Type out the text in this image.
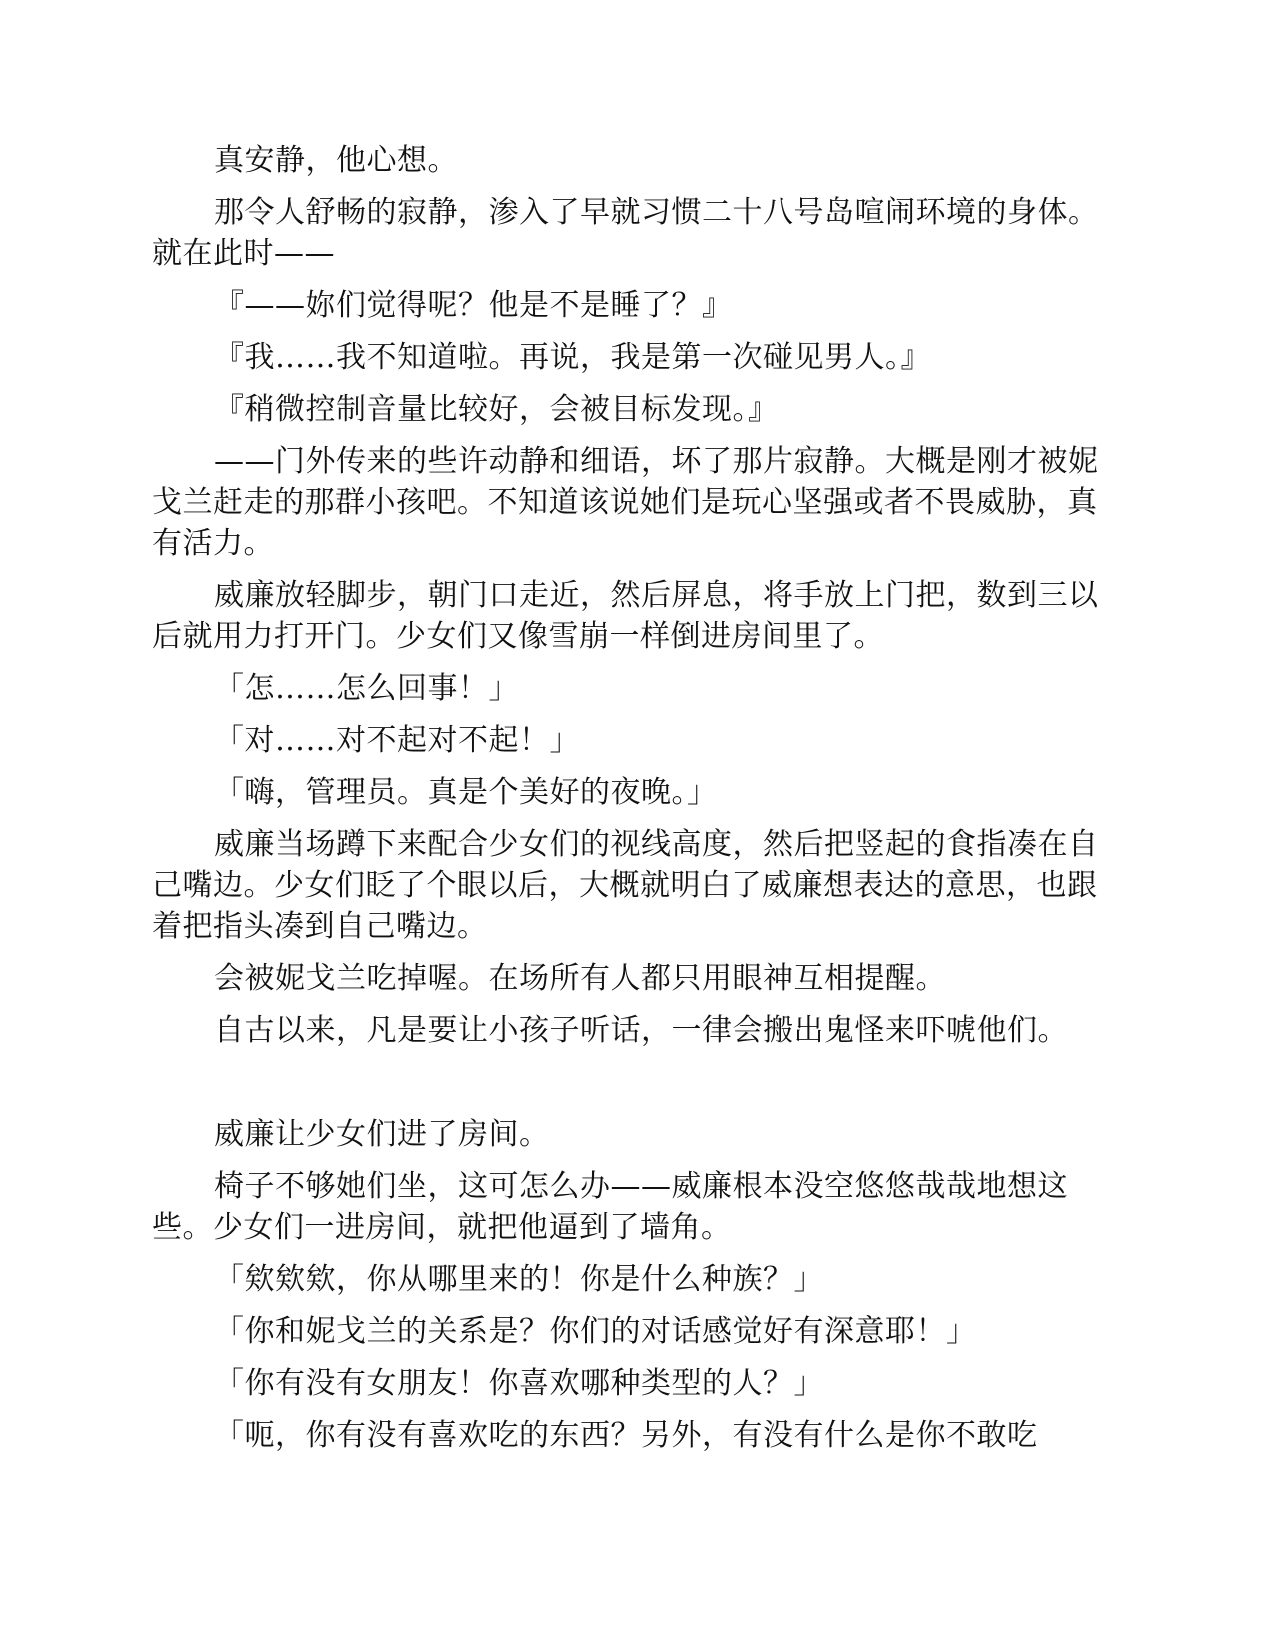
真安静，他心想。

那令人舒畅的寂静，渗入了早就习惯二十八号岛喧闹环境的身体。就在此时——

『——妳们觉得呢？他是不是睡了？』

『我……我不知道啦。再说，我是第一次碰见男人。』

『稍微控制音量比较好，会被目标发现。』

——门外传来的些许动静和细语，坏了那片寂静。大概是刚才被妮戈兰赶走的那群小孩吧。不知道该说她们是玩心坚强或者不畏威胁，真有活力。

威廉放轻脚步，朝门口走近，然后屏息，将手放上门把，数到三以后就用力打开门。少女们又像雪崩一样倒进房间里了。

「怎……怎么回事！」

「对……对不起对不起！」

「嗨，管理员。真是个美好的夜晚。」

威廉当场蹲下来配合少女们的视线高度，然后把竖起的食指凑在自己嘴边。少女们眨了个眼以后，大概就明白了威廉想表达的意思，也跟着把指头凑到自己嘴边。

会被妮戈兰吃掉喔。在场所有人都只用眼神互相提醒。

自古以来，凡是要让小孩子听话，一律会搬出鬼怪来吓唬他们。

威廉让少女们进了房间。

椅子不够她们坐，这可怎么办——威廉根本没空悠悠哉哉地想这些。少女们一进房间，就把他逼到了墙角。

「欸欸欸，你从哪里来的！你是什么种族？」

「你和妮戈兰的关系是？你们的对话感觉好有深意耶！」

「你有没有女朋友！你喜欢哪种类型的人？」

「呃，你有没有喜欢吃的东西？另外，有没有什么是你不敢吃
